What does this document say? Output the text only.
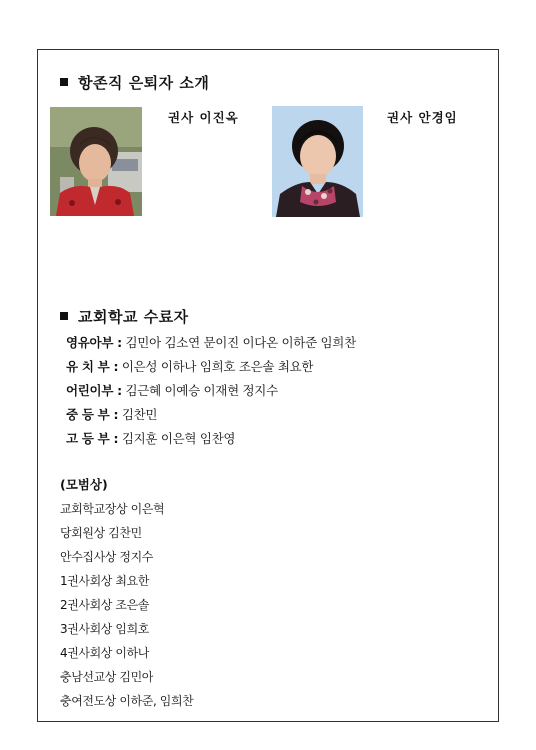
항존직 은퇴자 소개
권사 이진옥	권사 안경임
교회학교 수료자
영유아부 : 김민아 김소연 문이진 이다온 이하준 임희찬
유 치 부 : 이은성 이하나 임희호 조은솔 최요한
어린이부 : 김근혜 이예승 이재현 정지수
중 등 부 : 김찬민
고 등 부 : 김지훈 이은혁 임찬영
(모범상)
교회학교장상 이은혁
당회원상 김찬민
안수집사상 정지수
1권사회상 최요한
2권사회상 조은솔
3권사회상 임희호
4권사회상 이하나
충남선교상 김민아
충여전도상 이하준, 임희찬
